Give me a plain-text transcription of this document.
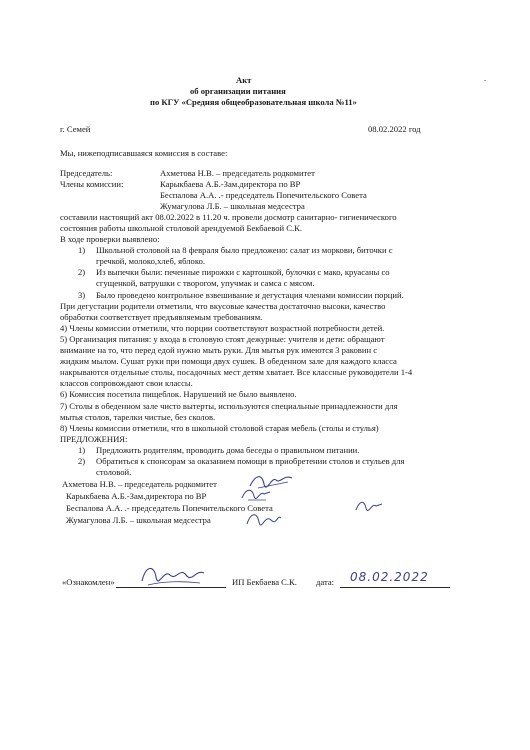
Акт
об организации питания
по КГУ «Средняя общеобразовательная школа №11»
.
г. Семей	08.02.2022 год
Мы, нижеподписавшаяся комиссия в составе:
Председатель:	Ахметова Н.В. – председатель родкомитет
Члены комиссии:	Карыкбаева А.Б.-Зам.директора по ВР
Беспалова А.А. .- председатель Попечительского Совета
Жумагулова Л.Б. – школьная медсестра
составили настоящий акт 08.02.2022 в 11.20 ч. провели досмотр санитарно- гигиенического
состояния работы школьной столовой арендуемой Бекбаевой С.К.
В ходе проверки выявлено:
1) Школьной столовой на 8 февраля было предложено: салат из моркови, биточки с
гречкой, молоко,хлеб, яблоко.
2) Из выпечки были: печенные пирожки с картошкой, булочки с мако, круасаны со
сгущенкой, ватрушки с творогом, упучмак и самса с мясом.
3) Было проведено контрольное взвешивание и дегустация членами комиссии порций.
При дегустации родители отметили, что вкусовые качества достаточно высоки, качество
обработки соответствует предъявляемым требованиям.
4) Члены комиссии отметили, что порции соответствуют возрастной потребности детей.
5) Организация питания: у входа в столовую стоят дежурные: учителя и дети: обращают
внимание на то, что перед едой нужно мыть руки. Для мытья рук имеются 3 раковин с
жидким мылом. Сушат руки при помощи двух сушек. В обеденном зале для каждого класса
накрываются отдельные столы, посадочных мест детям хватает. Все классные руководители 1-4
классов сопровождают свои классы.
6) Комиссия посетила пищеблок. Нарушений не было выявлено.
7) Столы в обеденном зале чисто вытерты, используются специальные принадлежности для
мытья столов, тарелки чистые, без сколов.
8) Члены комиссии отметили, что в школьной столовой старая мебель (столы и стулья)
ПРЕДЛОЖЕНИЯ:
1) Предложить родителям, проводить дома беседы о правильном питании.
2) Обратиться к спонсорам за оказанием помощи в приобретении столов и стульев для
столовой.
Ахметова Н.В. – председатель родкомитет
Карыкбаева А.Б.-Зам.директора по ВР
Беспалова А.А. .- председатель Попечительского Совета
Жумагулова Л.Б. – школьная медсестра
«Ознакомлен»	ИП Бекбаева С.К. дата: 08.02.2022
